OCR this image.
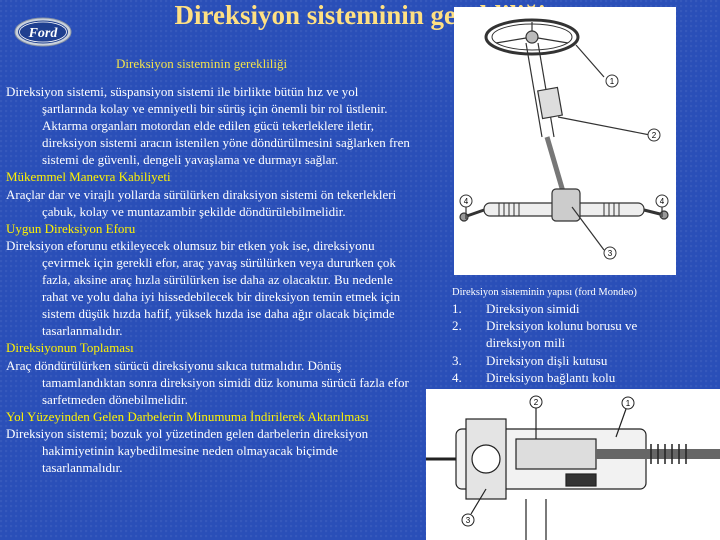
Ford
Direksiyon sisteminin gerekliliği
Direksiyon sisteminin gerekliliği

Direksiyon sistemi, süspansiyon sistemi ile birlikte bütün hız ve yol şartlarında kolay ve emniyetli bir sürüş için önemli bir rol üstlenir. Aktarma organları motordan elde edilen gücü tekerleklere iletir, direksiyon sistemi aracın istenilen yöne döndürülmesini sağlarken fren sistemi de güvenli, dengeli yavaşlama ve durmayı sağlar.

Mükemmel Manevra Kabiliyeti

Araçlar dar ve virajlı yollarda sürülürken diraksiyon sistemi ön tekerlekleri çabuk, kolay ve muntazambir şekilde döndürülebilmelidir.

Uygun Direksiyon Eforu

Direksiyon eforunu etkileyecek olumsuz bir etken yok ise, direksiyonu çevirmek için gerekli efor, araç yavaş sürülürken veya dururken çok fazla, aksine araç hızla sürülürken ise daha az olacaktır. Bu nedenle rahat ve yolu daha iyi hissedebilecek bir direksiyon temin etmek için sistem düşük hızda hafif, yüksek hızda ise daha ağır olacak biçimde tasarlanmalıdır.

Direksiyonun Toplaması

Araç döndürülürken sürücü direksiyonu sıkıca tutmalıdır. Dönüş tamamlandıktan sonra direksiyon simidi düz konuma sürücü fazla efor sarfetmeden dönebilmelidir.

Yol Yüzeyinden Gelen Darbelerin Minumuma İndirilerek Aktarılması

Direksiyon sistemi; bozuk yol yüzetinden gelen darbelerin direksiyon hakimiyetinin kaybedilmesine neden olmayacak biçimde tasarlanmalıdır.

1
2
3
4	4
Direksiyon sisteminin yapısı (ford Mondeo)
1. Direksiyon simidi
2. Direksiyon kolunu borusu ve direksiyon mili
3. Direksiyon dişli kutusu
4. Direksiyon bağlantı kolu
2	1
3
